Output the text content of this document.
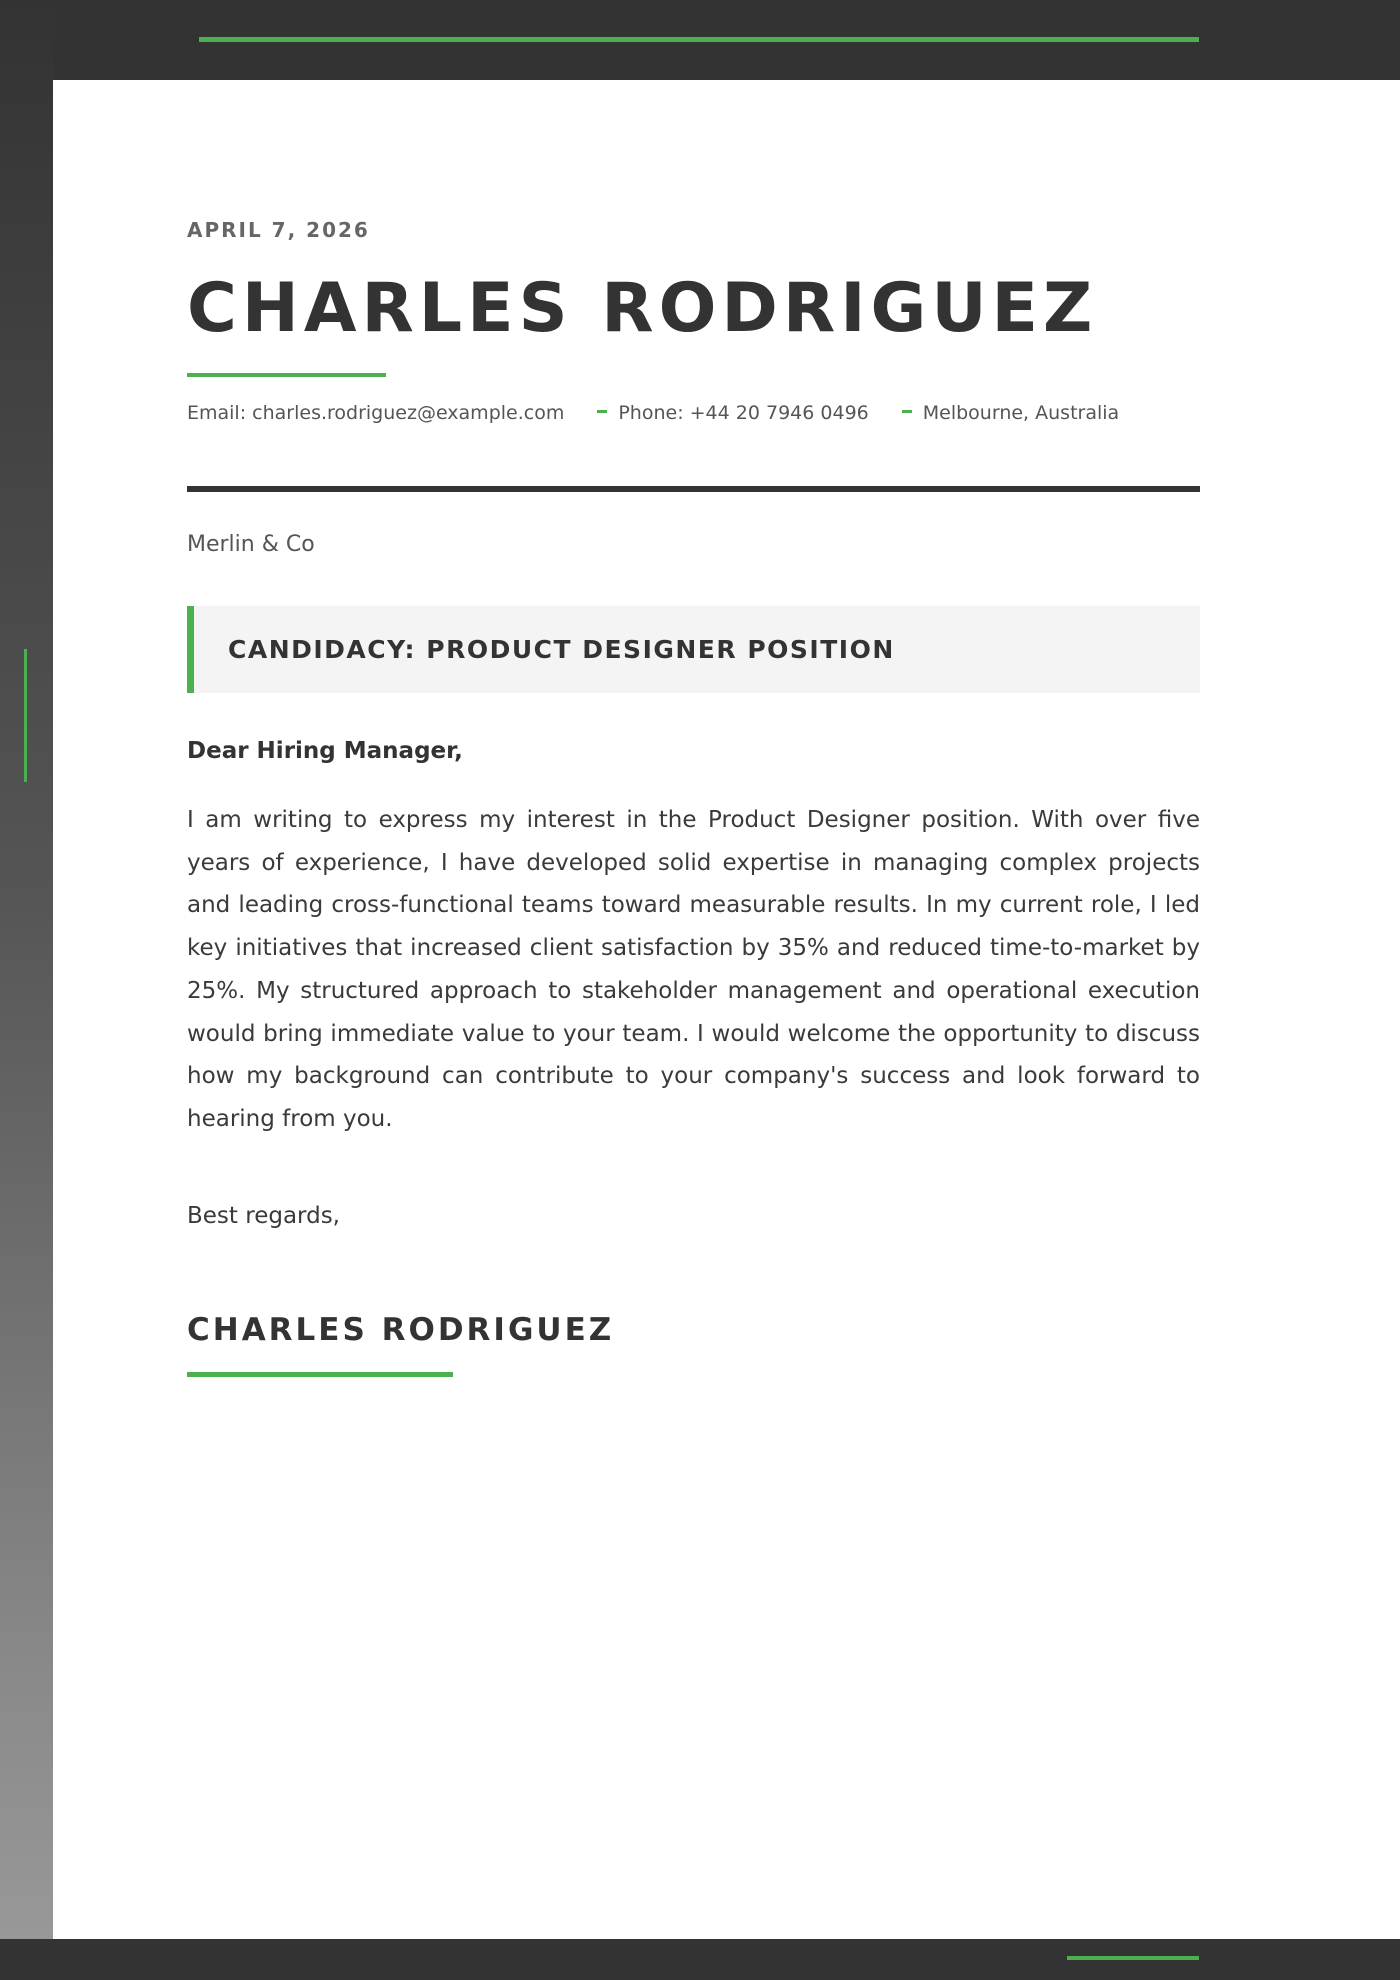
APRIL 7, 2026
CHARLES RODRIGUEZ
Email: charles.rodriguez@example.com	Phone: +44 20 7946 0496	Melbourne, Australia
Merlin & Co
CANDIDACY: PRODUCT DESIGNER POSITION
Dear Hiring Manager,

I am writing to express my interest in the Product Designer position. With over five years of experience, I have developed solid expertise in managing complex projects and leading cross-functional teams toward measurable results. In my current role, I led key initiatives that increased client satisfaction by 35% and reduced time-to-market by 25%. My structured approach to stakeholder management and operational execution would bring immediate value to your team. I would welcome the opportunity to discuss how my background can contribute to your company's success and look forward to hearing from you.

Best regards,
CHARLES RODRIGUEZ
